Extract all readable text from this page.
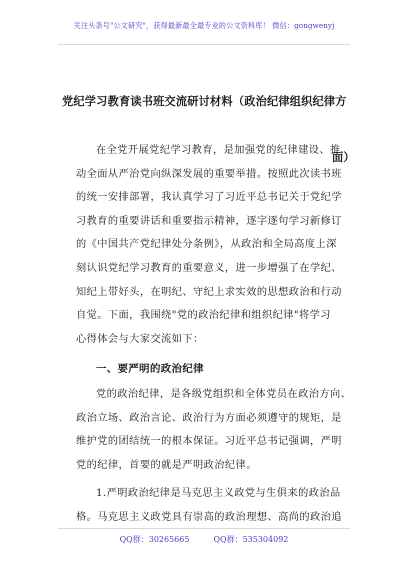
关注头条号"公文研究"，获得最新最全最专业的公文资料库！ 微信：gongwenyj
党纪学习教育读书班交流研讨材料（政治纪律组织纪律方
面）
在全党开展党纪学习教育，是加强党的纪律建设、推
动全面从严治党向纵深发展的重要举措。按照此次读书班
的统一安排部署，我认真学习了习近平总书记关于党纪学
习教育的重要讲话和重要指示精神，逐字逐句学习新修订
的《中国共产党纪律处分条例》，从政治和全局高度上深
刻认识党纪学习教育的重要意义，进一步增强了在学纪、
知纪上带好头，在明纪、守纪上求实效的思想政治和行动
自觉。下面，我围绕"党的政治纪律和组织纪律"将学习
心得体会与大家交流如下：
一、要严明的政治纪律
党的政治纪律，是各级党组织和全体党员在政治方向、
政治立场、政治言论、政治行为方面必须遵守的规矩，是
维护党的团结统一的根本保证。习近平总书记强调，严明
党的纪律，首要的就是严明政治纪律。
1.严明政治纪律是马克思主义政党与生俱来的政治品
格。马克思主义政党具有崇高的政治理想、高尚的政治追
QQ群：30265665	QQ群：535304092
